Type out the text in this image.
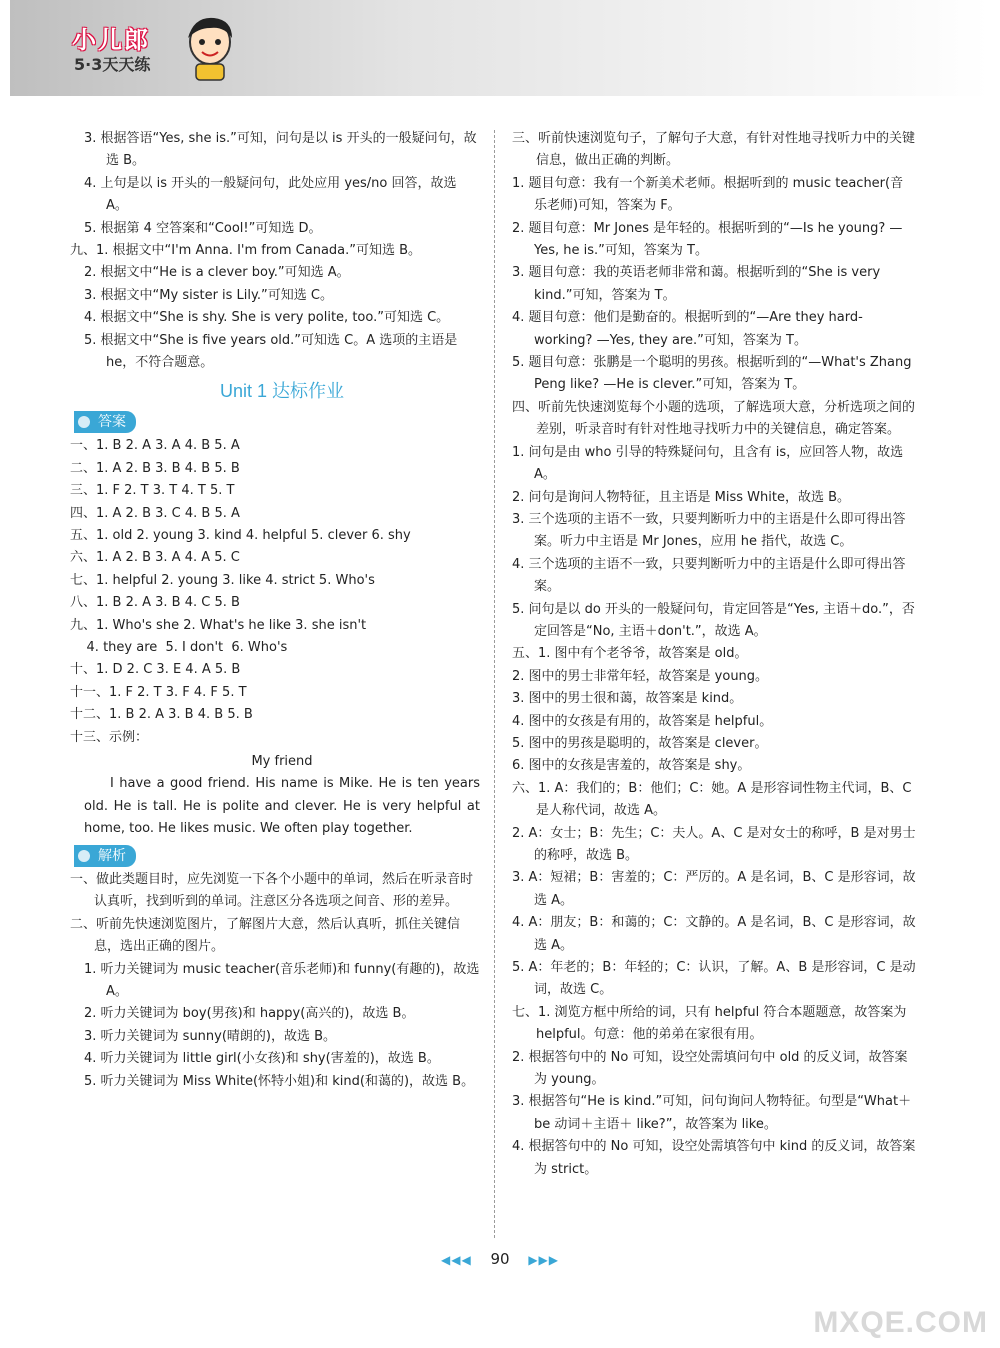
小儿郎
5·3天天练

3. 根据答语“Yes, she is.”可知，问句是以 is 开头的一般疑问句，故选 B。

4. 上句是以 is 开头的一般疑问句，此处应用 yes/no 回答，故选 A。

5. 根据第 4 空答案和“Cool!”可知选 D。

九、1. 根据文中“I'm Anna. I'm from Canada.”可知选 B。

2. 根据文中“He is a clever boy.”可知选 A。

3. 根据文中“My sister is Lily.”可知选 C。

4. 根据文中“She is shy. She is very polite, too.”可知选 C。

5. 根据文中“She is five years old.”可知选 C。A 选项的主语是 he，不符合题意。

Unit 1 达标作业

答案

一、1. B 2. A 3. A 4. B 5. A

二、1. A 2. B 3. B 4. B 5. B

三、1. F 2. T 3. T 4. T 5. T

四、1. A 2. B 3. C 4. B 5. A

五、1. old 2. young 3. kind 4. helpful 5. clever 6. shy

六、1. A 2. B 3. A 4. A 5. C

七、1. helpful 2. young 3. like 4. strict 5. Who's

八、1. B 2. A 3. B 4. C 5. B

九、1. Who's she 2. What's he like 3. she isn't

4. they are  5. I don't  6. Who's

十、1. D 2. C 3. E 4. A 5. B

十一、1. F 2. T 3. F 4. F 5. T

十二、1. B 2. A 3. B 4. B 5. B

十三、示例：

My friend

I have a good friend. His name is Mike. He is ten years old. He is tall. He is polite and clever. He is very helpful at home, too. He likes music. We often play together.

解析

一、做此类题目时，应先浏览一下各个小题中的单词，然后在听录音时认真听，找到听到的单词。注意区分各选项之间音、形的差异。

二、听前先快速浏览图片，了解图片大意，然后认真听，抓住关键信息，选出正确的图片。

1. 听力关键词为 music teacher(音乐老师)和 funny(有趣的)，故选 A。

2. 听力关键词为 boy(男孩)和 happy(高兴的)，故选 B。

3. 听力关键词为 sunny(晴朗的)，故选 B。

4. 听力关键词为 little girl(小女孩)和 shy(害羞的)，故选 B。

5. 听力关键词为 Miss White(怀特小姐)和 kind(和蔼的)，故选 B。

三、听前快速浏览句子，了解句子大意，有针对性地寻找听力中的关键信息，做出正确的判断。

1. 题目句意：我有一个新美术老师。根据听到的 music teacher(音乐老师)可知，答案为 F。

2. 题目句意：Mr Jones 是年轻的。根据听到的“—Is he young? —Yes, he is.”可知，答案为 T。

3. 题目句意：我的英语老师非常和蔼。根据听到的“She is very kind.”可知，答案为 T。

4. 题目句意：他们是勤奋的。根据听到的“—Are they hard-working? —Yes, they are.”可知，答案为 T。

5. 题目句意：张鹏是一个聪明的男孩。根据听到的“—What's Zhang Peng like? —He is clever.”可知，答案为 T。

四、听前先快速浏览每个小题的选项，了解选项大意，分析选项之间的差别，听录音时有针对性地寻找听力中的关键信息，确定答案。

1. 问句是由 who 引导的特殊疑问句，且含有 is，应回答人物，故选 A。

2. 问句是询问人物特征，且主语是 Miss White，故选 B。

3. 三个选项的主语不一致，只要判断听力中的主语是什么即可得出答案。听力中主语是 Mr Jones，应用 he 指代，故选 C。

4. 三个选项的主语不一致，只要判断听力中的主语是什么即可得出答案。

5. 问句是以 do 开头的一般疑问句，肯定回答是“Yes, 主语＋do.”，否定回答是“No, 主语＋don't.”，故选 A。

五、1. 图中有个老爷爷，故答案是 old。

2. 图中的男士非常年轻，故答案是 young。

3. 图中的男士很和蔼，故答案是 kind。

4. 图中的女孩是有用的，故答案是 helpful。

5. 图中的男孩是聪明的，故答案是 clever。

6. 图中的女孩是害羞的，故答案是 shy。

六、1. A：我们的；B：他们；C：她。A 是形容词性物主代词，B、C 是人称代词，故选 A。

2. A：女士；B：先生；C：夫人。A、C 是对女士的称呼，B 是对男士的称呼，故选 B。

3. A：短裙；B：害羞的；C：严厉的。A 是名词，B、C 是形容词，故选 A。

4. A：朋友；B：和蔼的；C：文静的。A 是名词，B、C 是形容词，故选 A。

5. A：年老的；B：年轻的；C：认识，了解。A、B 是形容词，C 是动词，故选 C。

七、1. 浏览方框中所给的词，只有 helpful 符合本题题意，故答案为 helpful。句意：他的弟弟在家很有用。

2. 根据答句中的 No 可知，设空处需填问句中 old 的反义词，故答案为 young。

3. 根据答句“He is kind.”可知，问句询问人物特征。句型是“What＋be 动词＋主语＋ like?”，故答案为 like。

4. 根据答句中的 No 可知，设空处需填答句中 kind 的反义词，故答案为 strict。

◀◀◀ 90 ▶▶▶
MXQE.COM
